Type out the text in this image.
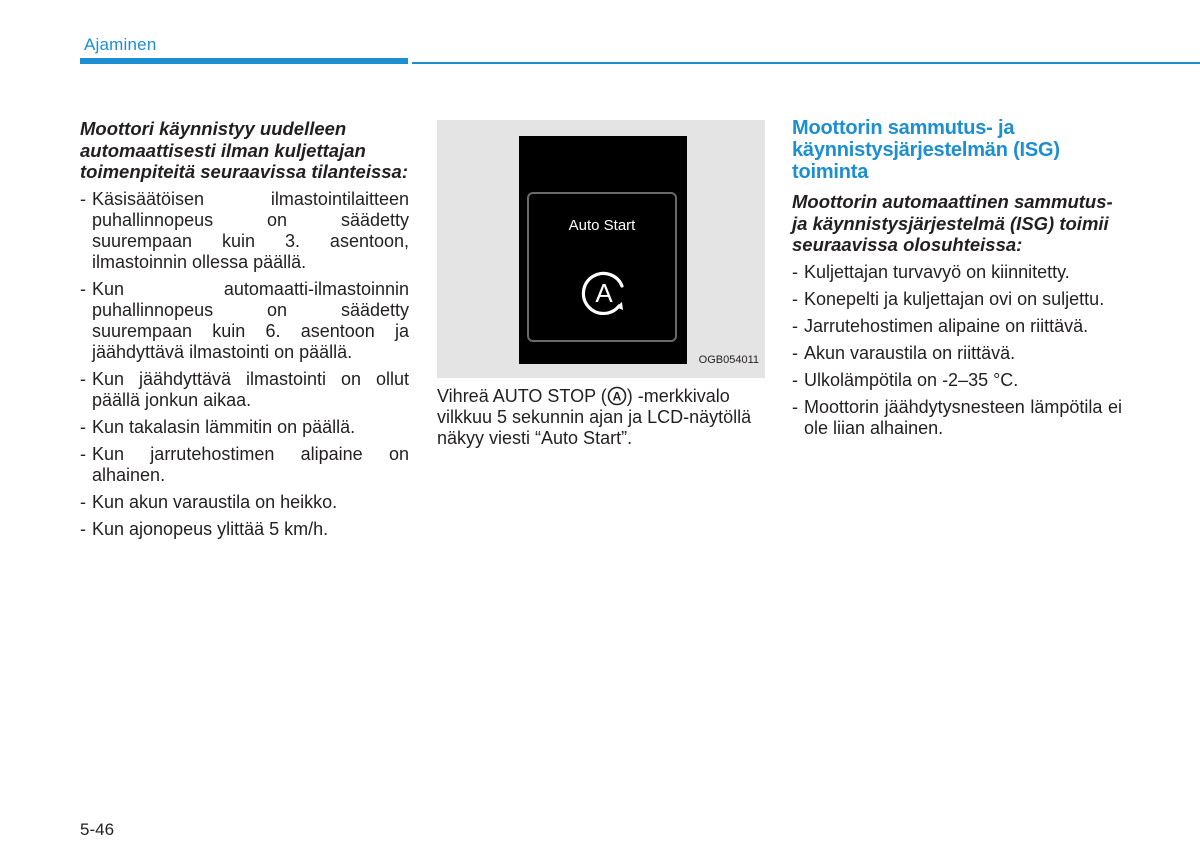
Ajaminen

Moottori käynnistyy uudelleen automaattisesti ilman kuljettajan toimenpiteitä seuraavissa tilanteissa:

- Käsisäätöisen ilmastointilaitteen puhallinnopeus on säädetty suurempaan kuin 3. asentoon, ilmastoinnin ollessa päällä.
- Kun automaatti-ilmastoinnin puhallinnopeus on säädetty suurempaan kuin 6. asentoon ja jäähdyttävä ilmastointi on päällä.
- Kun jäähdyttävä ilmastointi on ollut päällä jonkun aikaa.
- Kun takalasin lämmitin on päällä.
- Kun jarrutehostimen alipaine on alhainen.
- Kun akun varaustila on heikko.
- Kun ajonopeus ylittää 5 km/h.
Auto Start
A
OGB054011
Vihreä AUTO STOP ( A ) -merkkivalo vilkkuu 5 sekunnin ajan ja LCD-näytöllä näkyy viesti “Auto Start”.
Moottorin sammutus- ja käynnistysjärjestelmän (ISG) toiminta

Moottorin automaattinen sammutus- ja käynnistysjärjestelmä (ISG) toimii seuraavissa olosuhteissa:

- Kuljettajan turvavyö on kiinnitetty.
- Konepelti ja kuljettajan ovi on suljettu.
- Jarrutehostimen alipaine on riittävä.
- Akun varaustila on riittävä.
- Ulkolämpötila on -2–35 °C.
- Moottorin jäähdytysnesteen lämpötila ei ole liian alhainen.
5-46
